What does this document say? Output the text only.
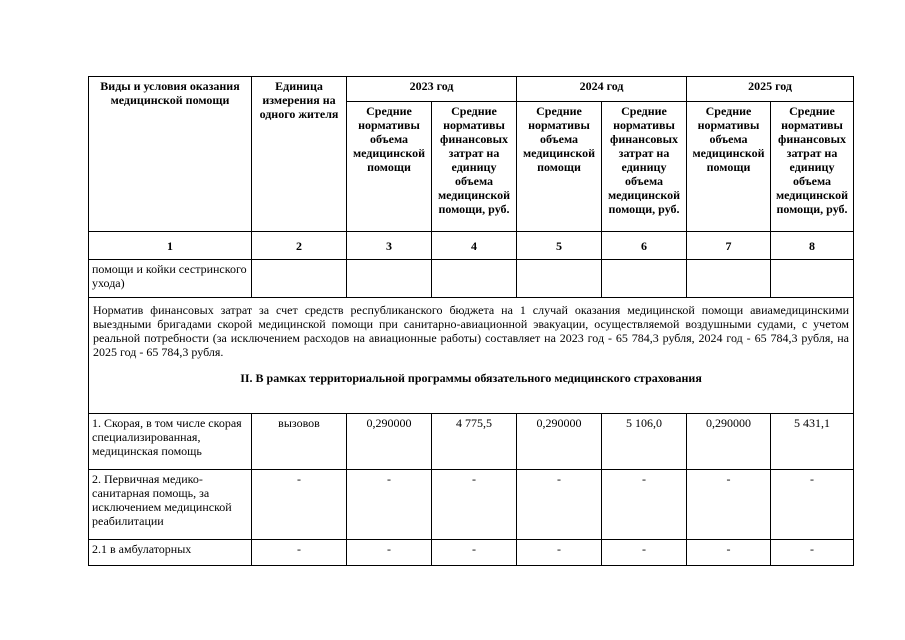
Виды и условия оказания медицинской помощи	Единица измерения на одного жителя	2023 год		2024 год		2025 год	
		Средние нормативы объема медицинской помощи	Средние нормативы финансовых затрат на единицу объема медицинской помощи, руб.	Средние нормативы объема медицинской помощи	Средние нормативы финансовых затрат на единицу объема медицинской помощи, руб.	Средние нормативы объема медицинской помощи	Средние нормативы финансовых затрат на единицу объема медицинской помощи, руб.
1	2	3	4	5	6	7	8
помощи и койки сестринского ухода)							

Норматив финансовых затрат за счет средств республиканского бюджета на 1 случай оказания медицинской помощи авиамедицинскими выездными бригадами скорой медицинской помощи при санитарно-авиационной эвакуации, осуществляемой воздушными судами, с учетом реальной потребности (за исключением расходов на авиационные работы) составляет на 2023 год - 65 784,3 рубля, 2024 год - 65 784,3 рубля, на 2025 год - 65 784,3 рубля.
II. В рамках территориальной программы обязательного медицинского страхования							

1. Скорая, в том числе скорая специализированная, медицинская помощь	вызовов	0,290000	4 775,5	0,290000	5 106,0	0,290000	5 431,1
2. Первичная медико-санитарная помощь, за исключением медицинской реабилитации	-	-	-	-	-	-	-
2.1 в амбулаторных	-	-	-	-	-	-	-
